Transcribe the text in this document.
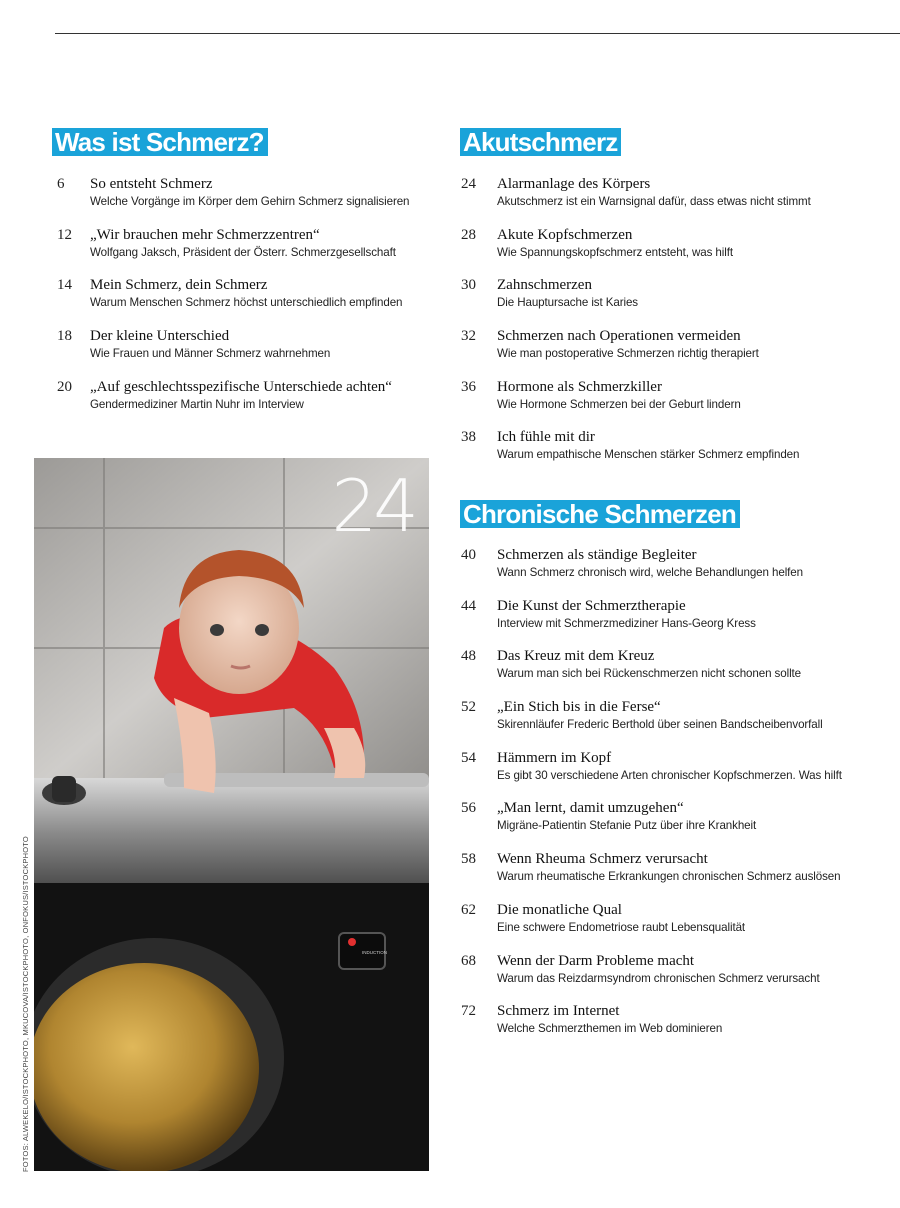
Was ist Schmerz?
6 So entsteht Schmerz
Welche Vorgänge im Körper dem Gehirn Schmerz signalisieren
12 „Wir brauchen mehr Schmerzzentren“
Wolfgang Jaksch, Präsident der Österr. Schmerzgesellschaft
14 Mein Schmerz, dein Schmerz
Warum Menschen Schmerz höchst unterschiedlich empfinden
18 Der kleine Unterschied
Wie Frauen und Männer Schmerz wahrnehmen
20 „Auf geschlechtsspezifische Unterschiede achten“
Gendermediziner Martin Nuhr im Interview
Akutschmerz
24 Alarmanlage des Körpers
Akutschmerz ist ein Warnsignal dafür, dass etwas nicht stimmt
28 Akute Kopfschmerzen
Wie Spannungskopfschmerz entsteht, was hilft
30 Zahnschmerzen
Die Hauptursache ist Karies
32 Schmerzen nach Operationen vermeiden
Wie man postoperative Schmerzen richtig therapiert
36 Hormone als Schmerzkiller
Wie Hormone Schmerzen bei der Geburt lindern
38 Ich fühle mit dir
Warum empathische Menschen stärker Schmerz empfinden
Chronische Schmerzen
40 Schmerzen als ständige Begleiter
Wann Schmerz chronisch wird, welche Behandlungen helfen
44 Die Kunst der Schmerztherapie
Interview mit Schmerzmediziner Hans-Georg Kress
48 Das Kreuz mit dem Kreuz
Warum man sich bei Rückenschmerzen nicht schonen sollte
52 „Ein Stich bis in die Ferse“
Skirennläufer Frederic Berthold über seinen Bandscheibenvorfall
54 Hämmern im Kopf
Es gibt 30 verschiedene Arten chronischer Kopfschmerzen. Was hilft
56 „Man lernt, damit umzugehen“
Migräne-Patientin Stefanie Putz über ihre Krankheit
58 Wenn Rheuma Schmerz verursacht
Warum rheumatische Erkrankungen chronischen Schmerz auslösen
62 Die monatliche Qual
Eine schwere Endometriose raubt Lebensqualität
68 Wenn der Darm Probleme macht
Warum das Reizdarmsyndrom chronischen Schmerz verursacht
72 Schmerz im Internet
Welche Schmerzthemen im Web dominieren
INDUCTION
24
FOTOS: ALWEKELO/ISTOCKPHOTO, MKUCOVA/ISTOCKPHOTO, ONFOKUS/ISTOCKPHOTO
